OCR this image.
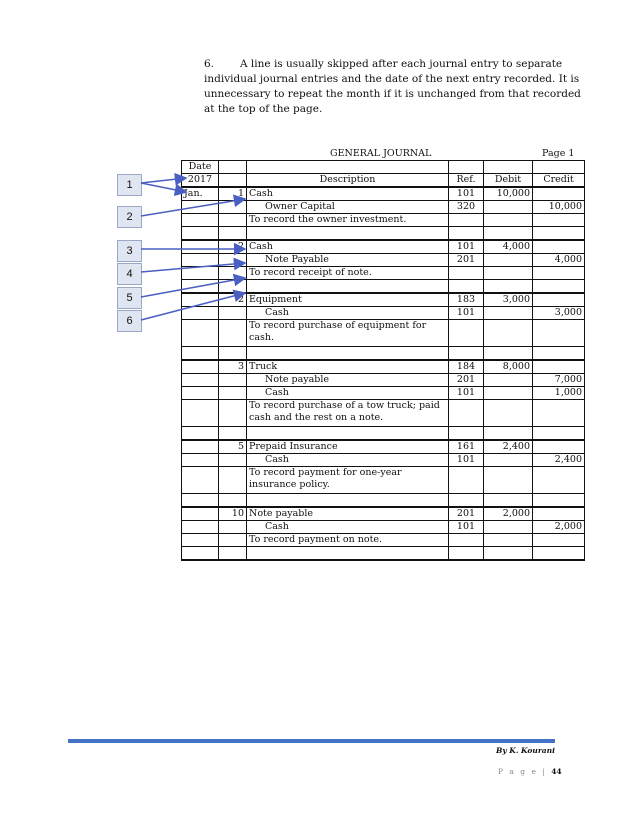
6. A line is usually skipped after each journal entry to separate individual journal entries and the date of the next entry recorded. It is unnecessary to repeat the month if it is unchanged from that recorded at the top of the page.
GENERAL JOURNAL	Page 1
Date					
2017		Description	Ref.	Debit	Credit
Jan.	1	Cash	101	10,000	
		Owner Capital	320		10,000
		To record the owner investment.			

	2	Cash	101	4,000	
		Note Payable	201		4,000
		To record receipt of note.			

	2	Equipment	183	3,000	
		Cash	101		3,000
		To record purchase of equipment for cash.			

	3	Truck	184	8,000	
		Note payable	201		7,000
		Cash	101		1,000
		To record purchase of a tow truck; paid cash and the rest on a note.			

	5	Prepaid Insurance	161	2,400	
		Cash	101		2,400
		To record payment for one-year insurance policy.			

	10	Note payable	201	2,000	
		Cash	101		2,000
		To record payment on note.			

1
2
3
4
5
6
By K. Kourani
P a g e | 44
